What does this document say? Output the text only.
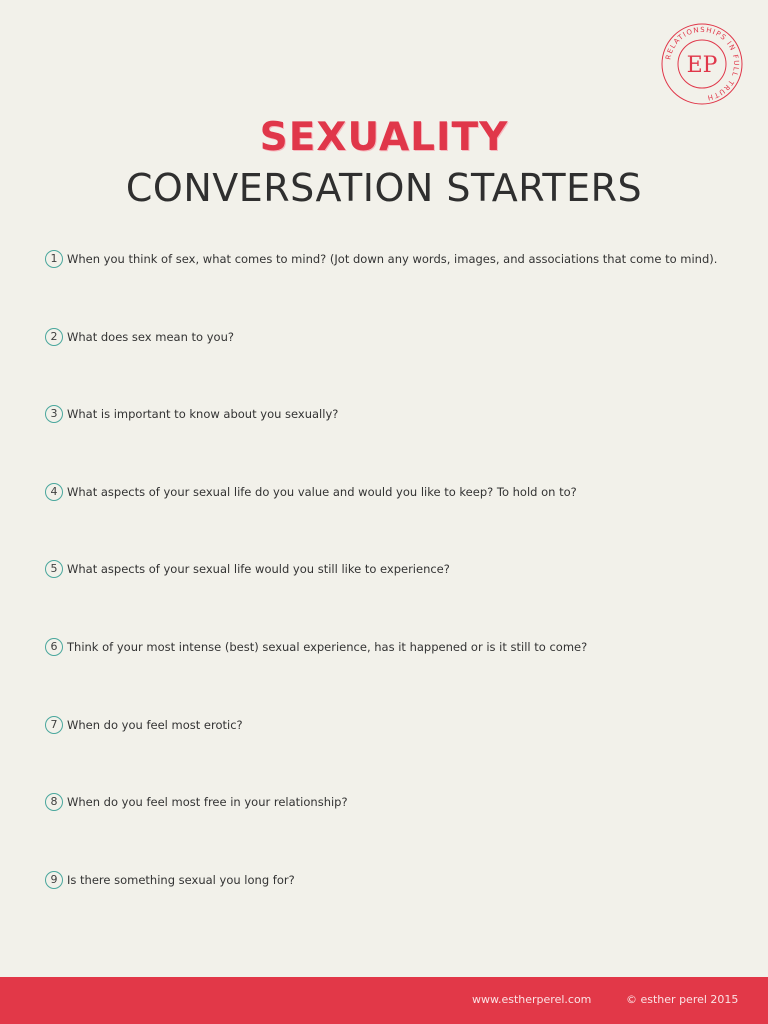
RELATIONSHIPS IN FULL TRUTH
EP
SEXUALITY
CONVERSATION STARTERS
1 When you think of sex, what comes to mind? (Jot down any words, images, and associations that come to mind).
2 What does sex mean to you?
3 What is important to know about you sexually?
4 What aspects of your sexual life do you value and would you like to keep? To hold on to?
5 What aspects of your sexual life would you still like to experience?
6 Think of your most intense (best) sexual experience, has it happened or is it still to come?
7 When do you feel most erotic?
8 When do you feel most free in your relationship?
9 Is there something sexual you long for?
www.estherperel.com	© esther perel 2015
